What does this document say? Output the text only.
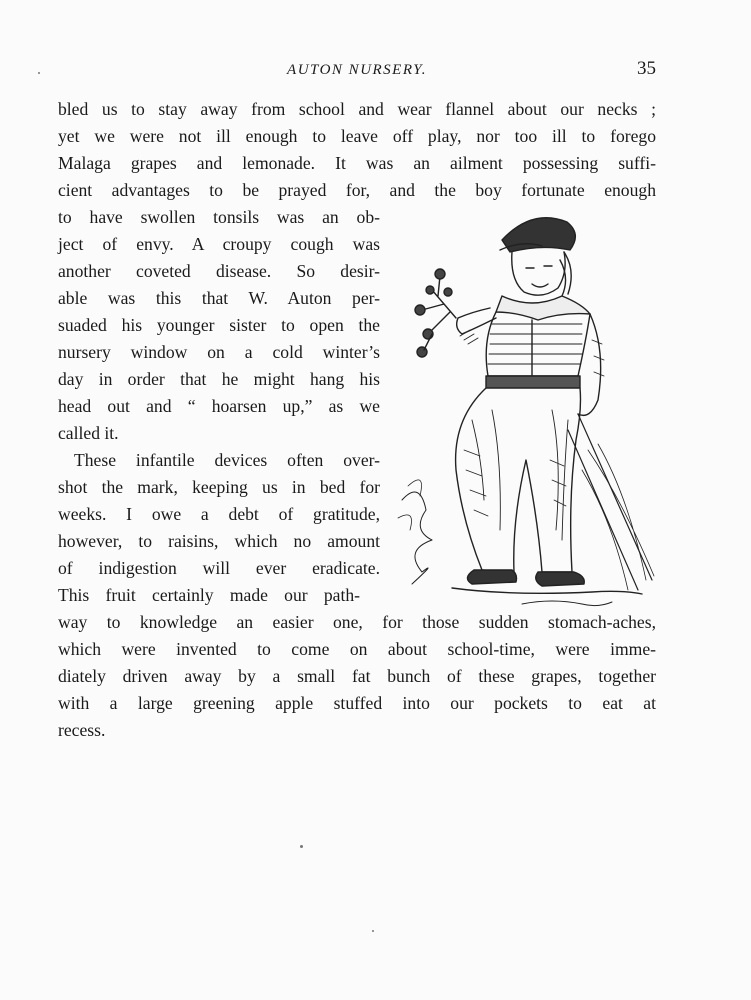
AUTON NURSERY.	35
bled us to stay away from school and wear flannel about our necks ;
yet we were not ill enough to leave off play, nor too ill to forego
Malaga grapes and lemonade. It was an ailment possessing suffi-
cient advantages to be prayed for, and the boy fortunate enough
to have swollen tonsils was an ob-
ject of envy. A croupy cough was
another coveted disease. So desir-
able was this that W. Auton per-
suaded his younger sister to open the
nursery window on a cold winter’s
day in order that he might hang his
head out and “ hoarsen up,” as we
called it.
These infantile devices often over-
shot the mark, keeping us in bed for
weeks. I owe a debt of gratitude,
however, to raisins, which no amount
of indigestion will ever eradicate.
This fruit certainly made our path-
way to knowledge an easier one, for those sudden stomach-aches,
which were invented to come on about school-time, were imme-
diately driven away by a small fat bunch of these grapes, together
with a large greening apple stuffed into our pockets to eat at
recess.
